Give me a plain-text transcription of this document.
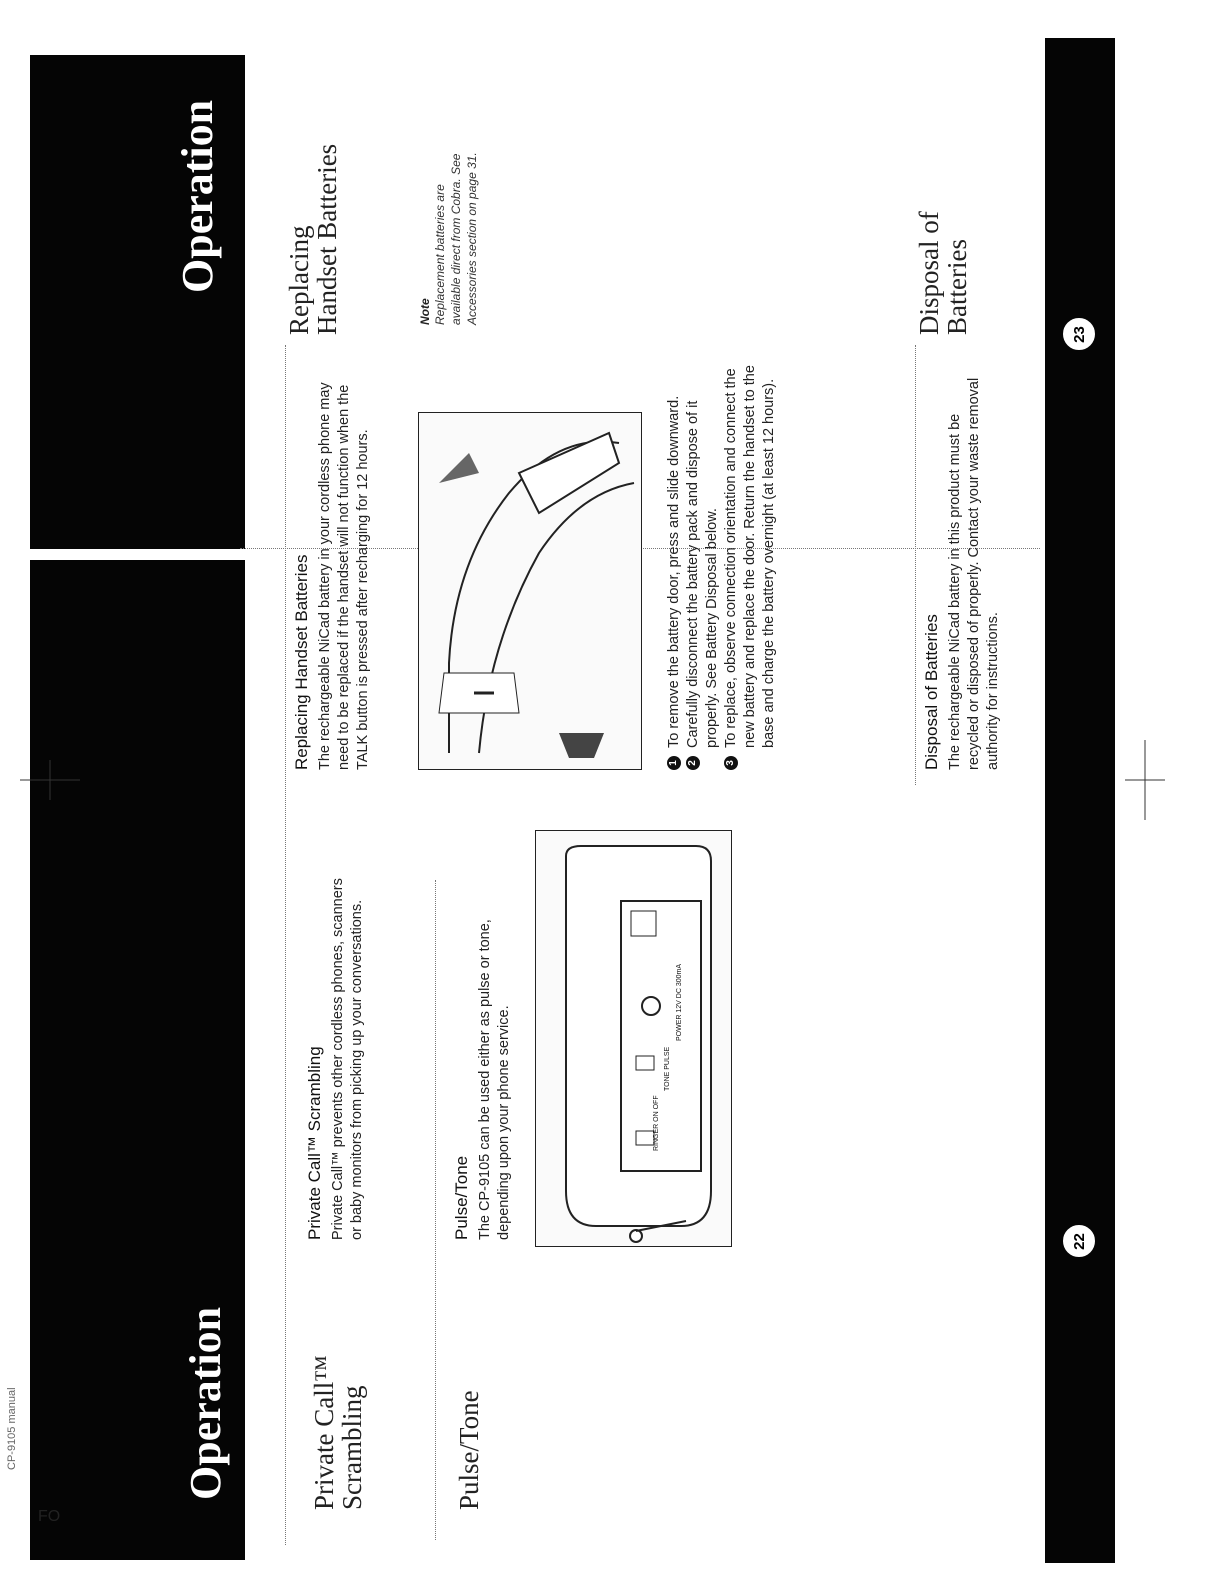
CP-9105 manual
FO
Operation
Operation
22
23
Private Call™ Scrambling	Pulse/Tone
Private Call™ Scrambling Private Call™ prevents other cordless phones, scanners or baby monitors from picking up your conversations.	Pulse/Tone The CP-9105 can be used either as pulse or tone, depending upon your phone service.	RINGER ON OFF
TONE PULSE
POWER 12V DC 300mA
Replacing Handset Batteries	Disposal of Batteries
Note Replacement batteries are available direct from Cobra. See Accessories section on page 31.
Replacing Handset Batteries The rechargeable NiCad battery in your cordless phone may need to be replaced if the handset will not function when the TALK button is pressed after recharging for 12 hours.	1
To remove the battery door, press and slide downward.
2
Carefully disconnect the battery pack and dispose of it properly. See Battery Disposal below.
3
To replace, observe connection orientation and connect the new battery and replace the door. Return the handset to the base and charge the battery overnight (at least 12 hours).	Disposal of Batteries The rechargeable NiCad battery in this product must be recycled or disposed of properly. Contact your waste removal authority for instructions.
